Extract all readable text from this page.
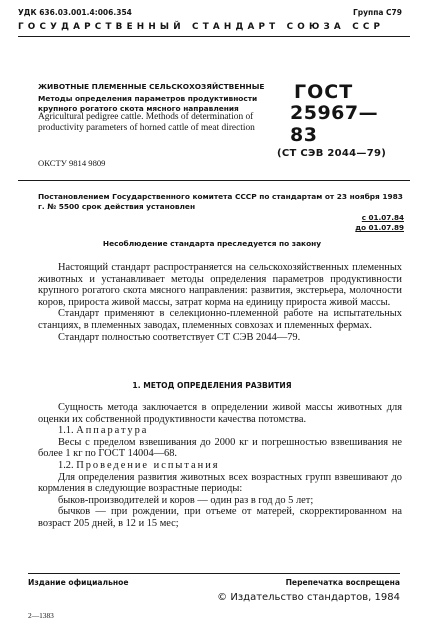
УДК 636.03.001.4:006.354	Группа С79
ГОСУДАРСТВЕННЫЙ СТАНДАРТ СОЮЗА ССР
ЖИВОТНЫЕ ПЛЕМЕННЫЕ СЕЛЬСКОХОЗЯЙСТВЕННЫЕ
Методы определения параметров продуктивности
крупного рогатого скота мясного направления
Agricultural pedigree cattle. Methods of determination of productivity parameters of horned cattle of meat direction
ГОСТ
25967—83
(СТ СЭВ 2044—79)
ОКСТУ 9814 9809
Постановлением Государственного комитета СССР по стандартам от 23 ноября 1983 г. № 5500 срок действия установлен
с 01.07.84
до 01.07.89
Несоблюдение стандарта преследуется по закону

Настоящий стандарт распространяется на сельскохозяйственных племенных животных и устанавливает методы определения параметров продуктивности крупного рогатого скота мясного направления: развития, экстерьера, молочности коров, прироста живой массы, затрат корма на единицу прироста живой массы.

Стандарт применяют в селекционно-племенной работе на испытательных станциях, в племенных заводах, племенных совхозах и племенных фермах.

Стандарт полностью соответствует СТ СЭВ 2044—79.

1. МЕТОД ОПРЕДЕЛЕНИЯ РАЗВИТИЯ

Сущность метода заключается в определении живой массы животных для оценки их собственной продуктивности качества потомства.

1.1. Аппаратура

Весы с пределом взвешивания до 2000 кг и погрешностью взвешивания не более 1 кг по ГОСТ 14004—68.

1.2. Проведение испытания

Для определения развития животных всех возрастных групп взвешивают до кормления в следующие возрастные периоды:

быков-производителей и коров — один раз в год до 5 лет;

бычков — при рождении, при отъеме от матерей, скорректированном на возраст 205 дней, в 12 и 15 мес;

Издание официальное	Перепечатка воспрещена
© Издательство стандартов, 1984
2—1383
